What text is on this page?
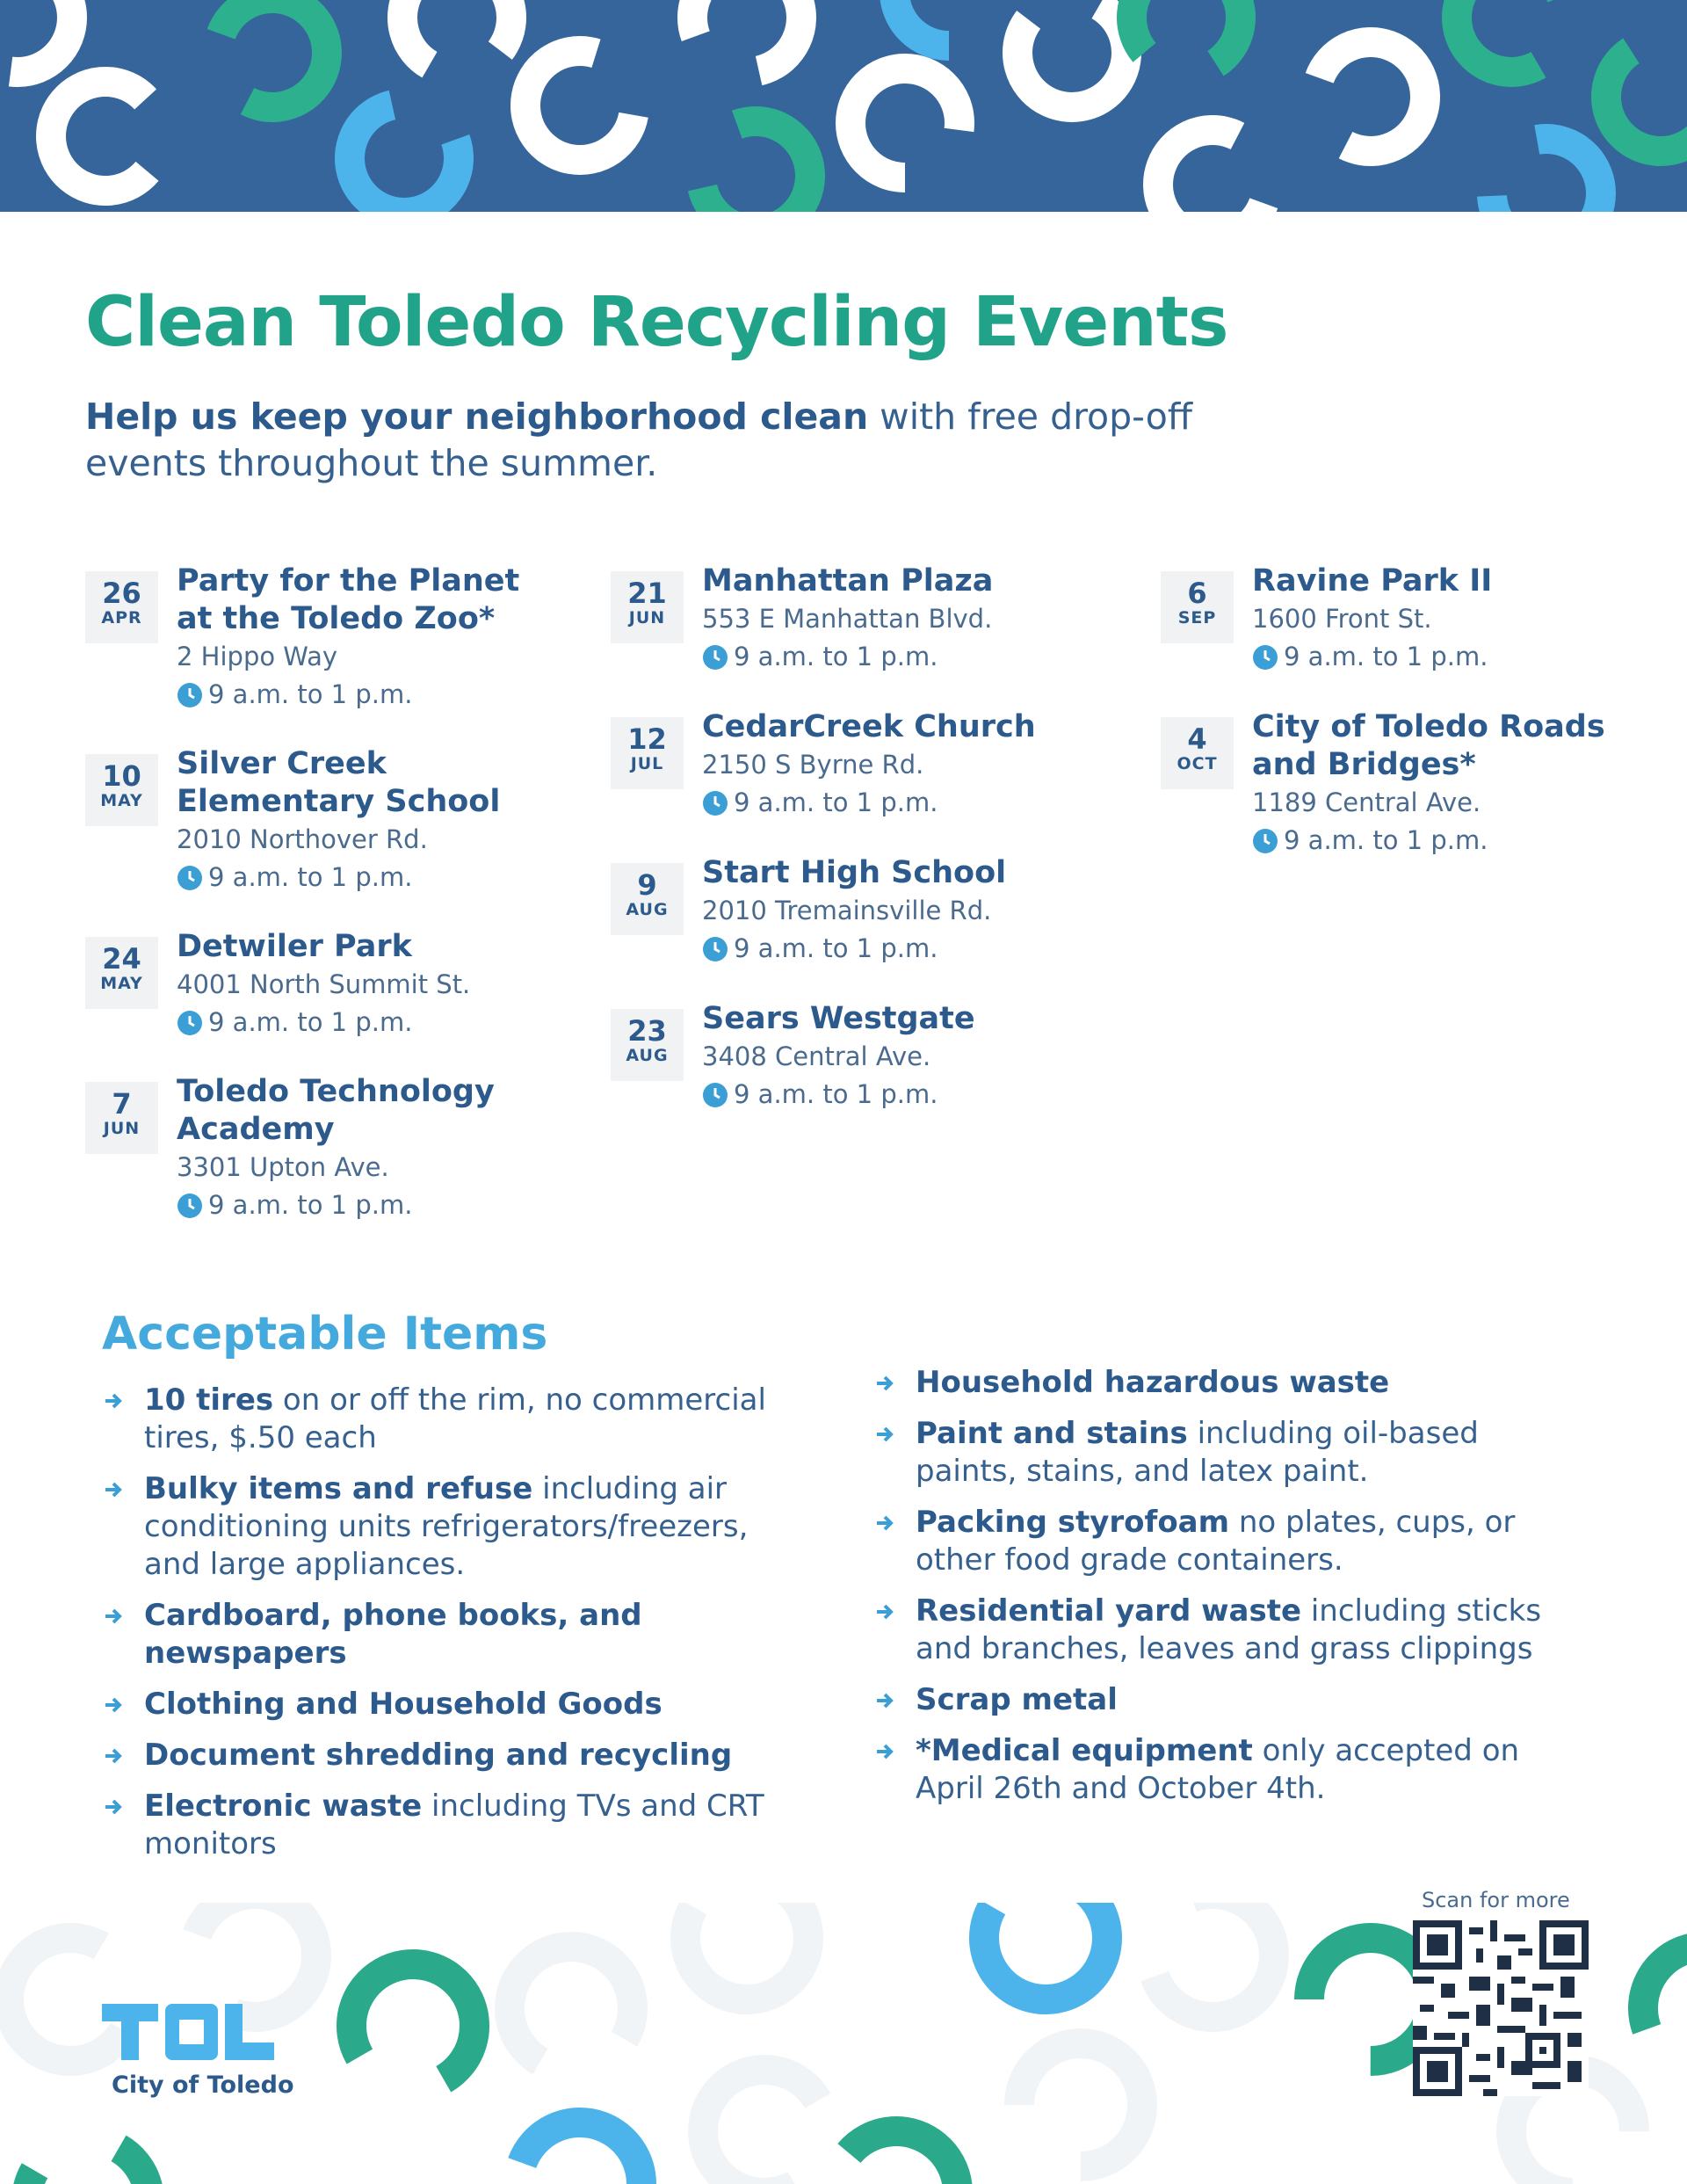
Clean Toledo Recycling Events

Help us keep your neighborhood clean with free drop-off events throughout the summer.

26
APR

Party for the Planet at the Toledo Zoo*

2 Hippo Way

9 a.m. to 1 p.m.

10
MAY

Silver Creek Elementary School

2010 Northover Rd.

9 a.m. to 1 p.m.

24
MAY

Detwiler Park

4001 North Summit St.

9 a.m. to 1 p.m.

7
JUN

Toledo Technology Academy

3301 Upton Ave.

9 a.m. to 1 p.m.

21
JUN

Manhattan Plaza

553 E Manhattan Blvd.

9 a.m. to 1 p.m.

12
JUL

CedarCreek Church

2150 S Byrne Rd.

9 a.m. to 1 p.m.

9
AUG

Start High School

2010 Tremainsville Rd.

9 a.m. to 1 p.m.

23
AUG

Sears Westgate

3408 Central Ave.

9 a.m. to 1 p.m.

6
SEP

Ravine Park II

1600 Front St.

9 a.m. to 1 p.m.

4
OCT

City of Toledo Roads and Bridges*

1189 Central Ave.

9 a.m. to 1 p.m.

Acceptable Items
10 tires on or off the rim, no commercial tires, $.50 each
Bulky items and refuse including air conditioning units refrigerators/freezers, and large appliances.
Cardboard, phone books, and newspapers
Clothing and Household Goods
Document shredding and recycling
Electronic waste including TVs and CRT monitors
Household hazardous waste
Paint and stains including oil-based paints, stains, and latex paint.
Packing styrofoam no plates, cups, or other food grade containers.
Residential yard waste including sticks and branches, leaves and grass clippings
Scrap metal
*Medical equipment only accepted on April 26th and October 4th.

City of Toledo

Scan for more
